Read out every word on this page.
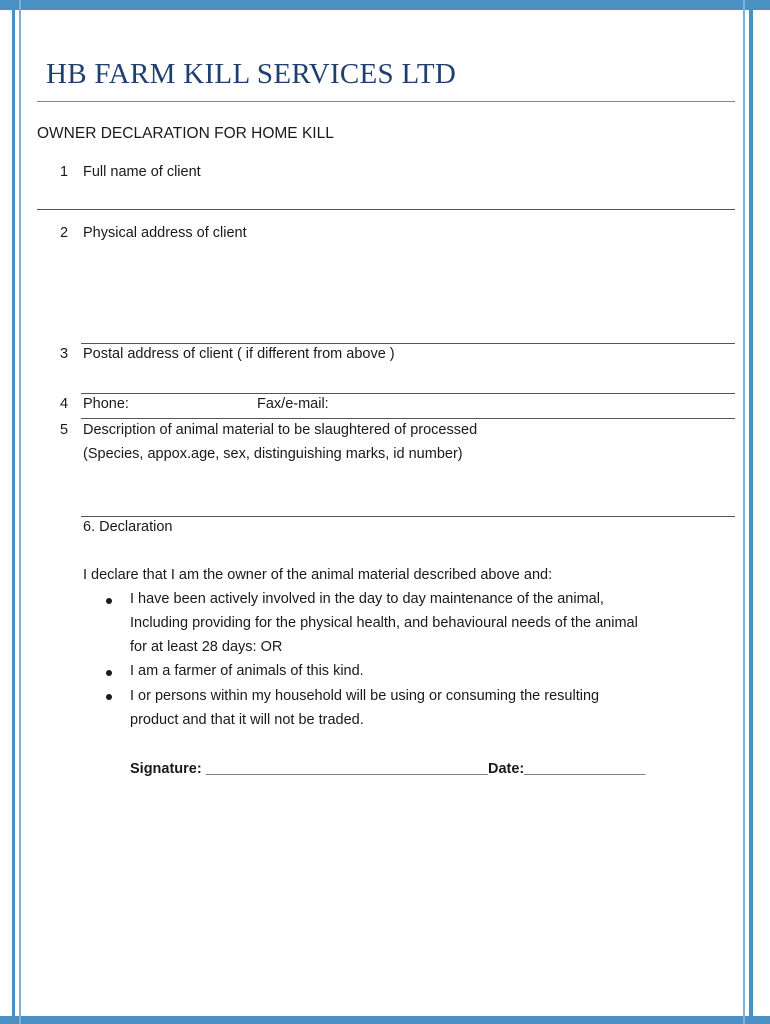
HB FARM KILL SERVICES LTD
OWNER DECLARATION FOR HOME KILL
1 Full name of client
2 Physical address of client
3 Postal address of client ( if different from above )
4 Phone:	Fax/e-mail:
5 Description of animal material to be slaughtered of processed
(Species, appox.age, sex, distinguishing marks, id number)
6. Declaration
I declare that I am the owner of the animal material described above and:
I have been actively involved in the day to day maintenance of the animal,
Including providing for the physical health, and behavioural needs of the animal
for at least 28 days: OR
I am a farmer of animals of this kind.
I or persons within my household will be using or consuming the resulting
product and that it will not be traded.
Signature: ___________________________________Date:_______________
